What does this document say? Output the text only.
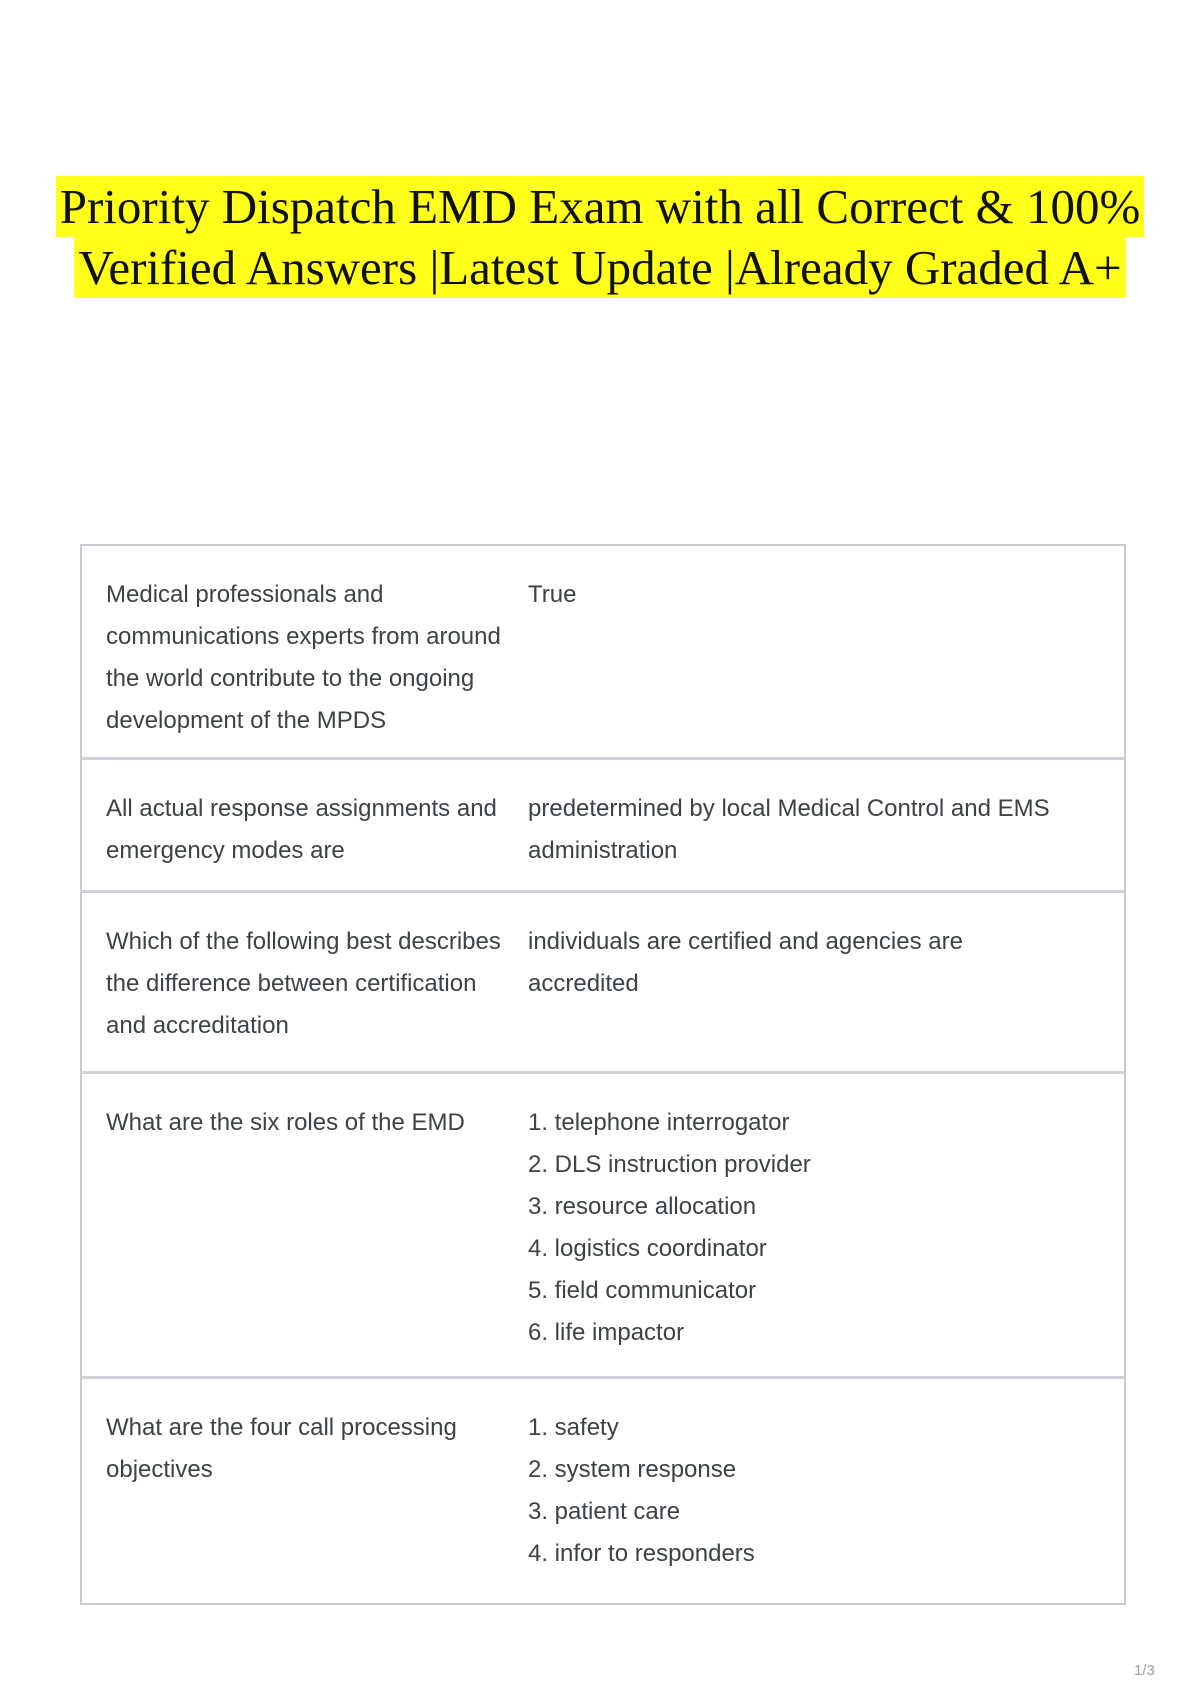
Priority Dispatch EMD Exam with all Correct & 100%
Verified Answers |Latest Update |Already Graded A+
Medical professionals and communications experts from around the world contribute to the ongoing development of the MPDS
True
All actual response assignments and emergency modes are
predetermined by local Medical Control and EMS administration
Which of the following best describes the difference between certification and accreditation
individuals are certified and agencies are accredited
What are the six roles of the EMD	1. telephone interrogator
2. DLS instruction provider
3. resource allocation
4. logistics coordinator
5. field communicator
6. life impactor
What are the four call processing objectives
1. safety
2. system response
3. patient care
4. infor to responders
1/3
